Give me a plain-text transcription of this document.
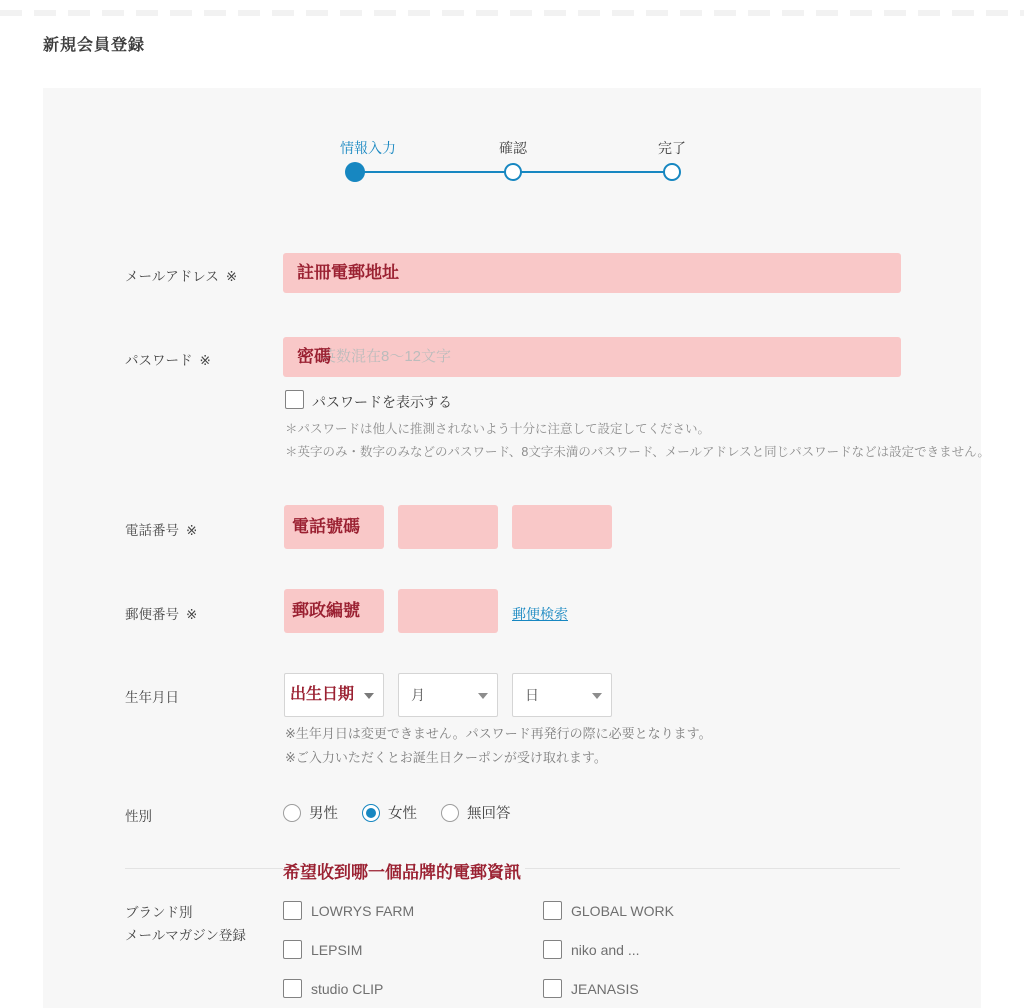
新規会員登録
情報入力	確認	完了
メールアドレス ※	註冊電郵地址
パスワード ※	英数混在8〜12文字
密碼
パスワードを表示する
＊パスワードは他人に推測されないよう十分に注意して設定してください。
＊英字のみ・数字のみなどのパスワード、8文字未満のパスワード、メールアドレスと同じパスワードなどは設定できません。
電話番号 ※	電話號碼
郵便番号 ※	郵政編號	郵便検索
生年月日	出生日期	月	日
※生年月日は変更できません。パスワード再発行の際に必要となります。
※ご入力いただくとお誕生日クーポンが受け取れます。
性別	男性	女性	無回答
希望收到哪一個品牌的電郵資訊
ブランド別
メールマガジン登録
LOWRYS FARM	GLOBAL WORK
LEPSIM	niko and ...
studio CLIP	JEANASIS
